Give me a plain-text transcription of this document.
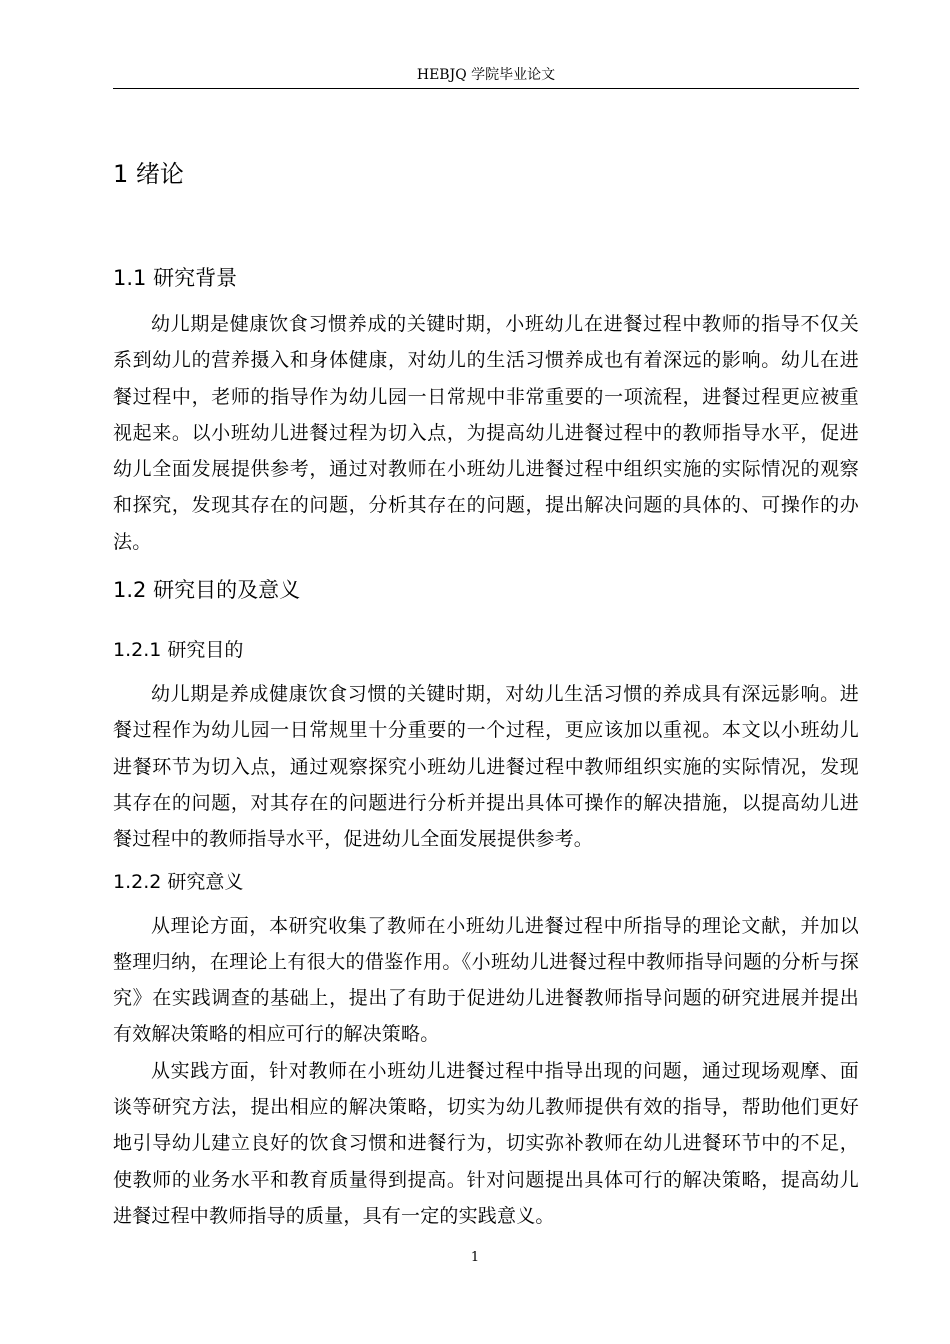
HEBJQ 学院毕业论文
1 绪论
1.1 研究背景

幼儿期是健康饮食习惯养成的关键时期，小班幼儿在进餐过程中教师的指导不仅关系到幼儿的营养摄入和身体健康，对幼儿的生活习惯养成也有着深远的影响。幼儿在进餐过程中，老师的指导作为幼儿园一日常规中非常重要的一项流程，进餐过程更应被重视起来。以小班幼儿进餐过程为切入点，为提高幼儿进餐过程中的教师指导水平，促进幼儿全面发展提供参考，通过对教师在小班幼儿进餐过程中组织实施的实际情况的观察和探究，发现其存在的问题，分析其存在的问题，提出解决问题的具体的、可操作的办法。

1.2 研究目的及意义
1.2.1 研究目的

幼儿期是养成健康饮食习惯的关键时期，对幼儿生活习惯的养成具有深远影响。进餐过程作为幼儿园一日常规里十分重要的一个过程，更应该加以重视。本文以小班幼儿进餐环节为切入点，通过观察探究小班幼儿进餐过程中教师组织实施的实际情况，发现其存在的问题，对其存在的问题进行分析并提出具体可操作的解决措施，以提高幼儿进餐过程中的教师指导水平，促进幼儿全面发展提供参考。

1.2.2 研究意义

从理论方面，本研究收集了教师在小班幼儿进餐过程中所指导的理论文献，并加以整理归纳，在理论上有很大的借鉴作用。《小班幼儿进餐过程中教师指导问题的分析与探究》在实践调查的基础上，提出了有助于促进幼儿进餐教师指导问题的研究进展并提出有效解决策略的相应可行的解决策略。

从实践方面，针对教师在小班幼儿进餐过程中指导出现的问题，通过现场观摩、面谈等研究方法，提出相应的解决策略，切实为幼儿教师提供有效的指导，帮助他们更好地引导幼儿建立良好的饮食习惯和进餐行为，切实弥补教师在幼儿进餐环节中的不足，使教师的业务水平和教育质量得到提高。针对问题提出具体可行的解决策略，提高幼儿进餐过程中教师指导的质量，具有一定的实践意义。

1
